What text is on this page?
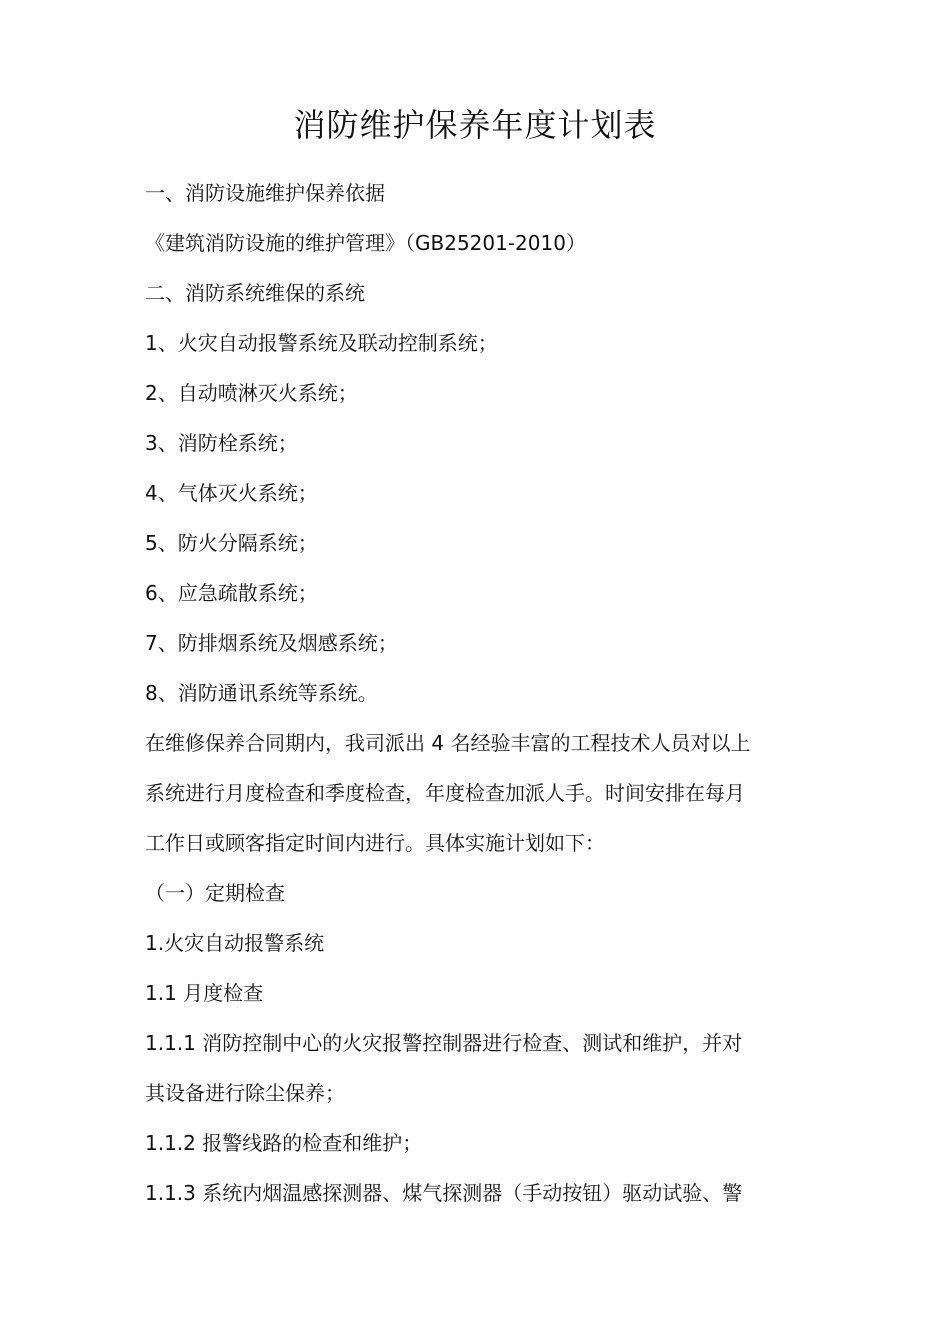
消防维护保养年度计划表
一、消防设施维护保养依据
《建筑消防设施的维护管理》（GB25201-2010）
二、消防系统维保的系统
1、火灾自动报警系统及联动控制系统；
2、自动喷淋灭火系统；
3、消防栓系统；
4、气体灭火系统；
5、防火分隔系统；
6、应急疏散系统；
7、防排烟系统及烟感系统；
8、消防通讯系统等系统。
在维修保养合同期内，我司派出 4 名经验丰富的工程技术人员对以上
系统进行月度检查和季度检查，年度检查加派人手。时间安排在每月
工作日或顾客指定时间内进行。具体实施计划如下：
（一）定期检查
1.火灾自动报警系统
1.1 月度检查
1.1.1 消防控制中心的火灾报警控制器进行检查、测试和维护，并对
其设备进行除尘保养；
1.1.2 报警线路的检查和维护；
1.1.3 系统内烟温感探测器、煤气探测器（手动按钮）驱动试验、警
